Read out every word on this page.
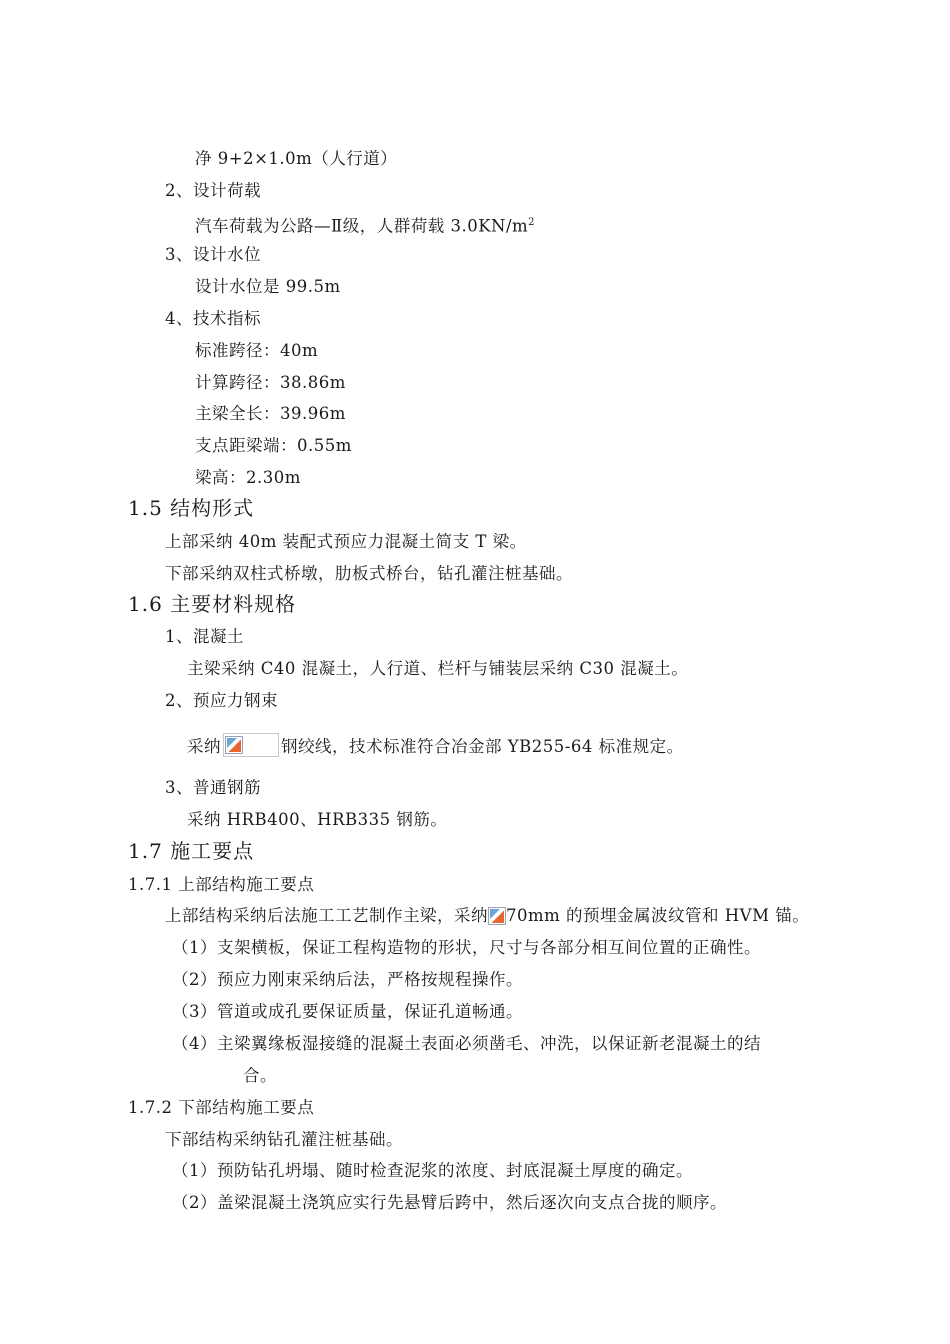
净 9+2×1.0m（人行道）
2、设计荷载
汽车荷载为公路—Ⅱ级，人群荷载 $3.0KN/m^2$
3、设计水位
设计水位是 99.5m
4、技术指标
标准跨径：40m
计算跨径：38.86m
主梁全长：39.96m
支点距梁端：0.55m
梁高：2.30m
1.5 结构形式
上部采纳 40m 装配式预应力混凝土简支 T 梁。
下部采纳双柱式桥墩，肋板式桥台，钻孔灌注桩基础。
1.6 主要材料规格
1、混凝土
主梁采纳 C40 混凝土，人行道、栏杆与铺装层采纳 C30 混凝土。
2、预应力钢束
采纳	钢绞线，技术标准符合冶金部 YB255-64 标准规定。
3、普通钢筋
采纳 HRB400、HRB335 钢筋。
1.7 施工要点
1.7.1 上部结构施工要点
上部结构采纳后法施工工艺制作主梁，采纳 70mm 的预埋金属波纹管和 HVM 锚。
（1）支架横板，保证工程构造物的形状，尺寸与各部分相互间位置的正确性。
（2）预应力刚束采纳后法，严格按规程操作。
（3）管道或成孔要保证质量，保证孔道畅通。
（4）主梁翼缘板湿接缝的混凝土表面必须凿毛、冲洗，以保证新老混凝土的结
合。
1.7.2 下部结构施工要点
下部结构采纳钻孔灌注桩基础。
（1）预防钻孔坍塌、随时检查泥浆的浓度、封底混凝土厚度的确定。
（2）盖梁混凝土浇筑应实行先悬臂后跨中，然后逐次向支点合拢的顺序。
